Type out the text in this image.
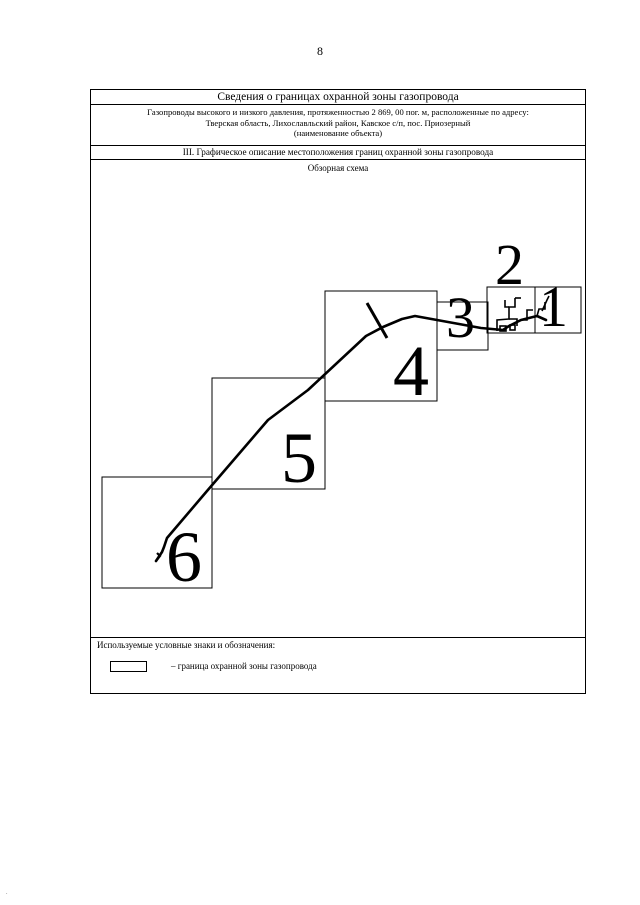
8
Сведения о границах охранной зоны газопровода
Газопроводы высокого и низкого давления, протяженностью 2 869, 00 пог. м, расположенные по адресу:
Тверская область, Лихославльский район, Кавское с/п, пос. Приозерный
(наименование объекта)
III. Графическое описание местоположения границ охранной зоны газопровода
Обзорная схема
1
2
3
4
5
6
Используемые условные знаки и обозначения:
– граница охранной зоны газопровода
.
